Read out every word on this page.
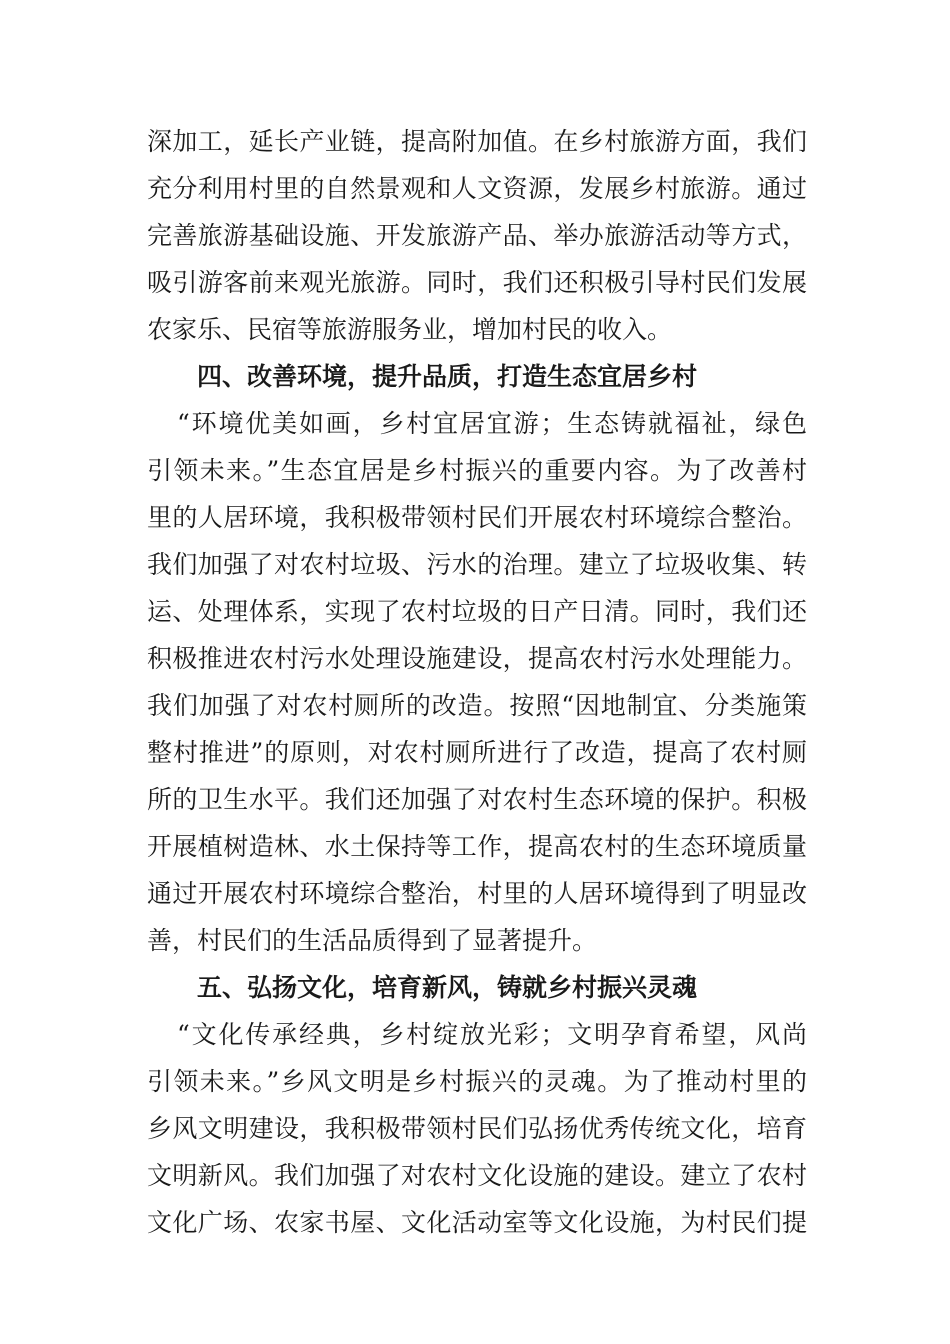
深加工，延长产业链，提高附加值。在乡村旅游方面，我们
充分利用村里的自然景观和人文资源，发展乡村旅游。通过
完善旅游基础设施、开发旅游产品、举办旅游活动等方式，
吸引游客前来观光旅游。同时，我们还积极引导村民们发展
农家乐、民宿等旅游服务业，增加村民的收入。
四、改善环境，提升品质，打造生态宜居乡村
“环境优美如画，乡村宜居宜游；生态铸就福祉，绿色
引领未来。”生态宜居是乡村振兴的重要内容。为了改善村
里的人居环境，我积极带领村民们开展农村环境综合整治。
我们加强了对农村垃圾、污水的治理。建立了垃圾收集、转
运、处理体系，实现了农村垃圾的日产日清。同时，我们还
积极推进农村污水处理设施建设，提高农村污水处理能力。
我们加强了对农村厕所的改造。按照“因地制宜、分类施策
整村推进”的原则，对农村厕所进行了改造，提高了农村厕
所的卫生水平。我们还加强了对农村生态环境的保护。积极
开展植树造林、水土保持等工作，提高农村的生态环境质量
通过开展农村环境综合整治，村里的人居环境得到了明显改
善，村民们的生活品质得到了显著提升。
五、弘扬文化，培育新风，铸就乡村振兴灵魂
“文化传承经典，乡村绽放光彩；文明孕育希望，风尚
引领未来。”乡风文明是乡村振兴的灵魂。为了推动村里的
乡风文明建设，我积极带领村民们弘扬优秀传统文化，培育
文明新风。我们加强了对农村文化设施的建设。建立了农村
文化广场、农家书屋、文化活动室等文化设施，为村民们提
